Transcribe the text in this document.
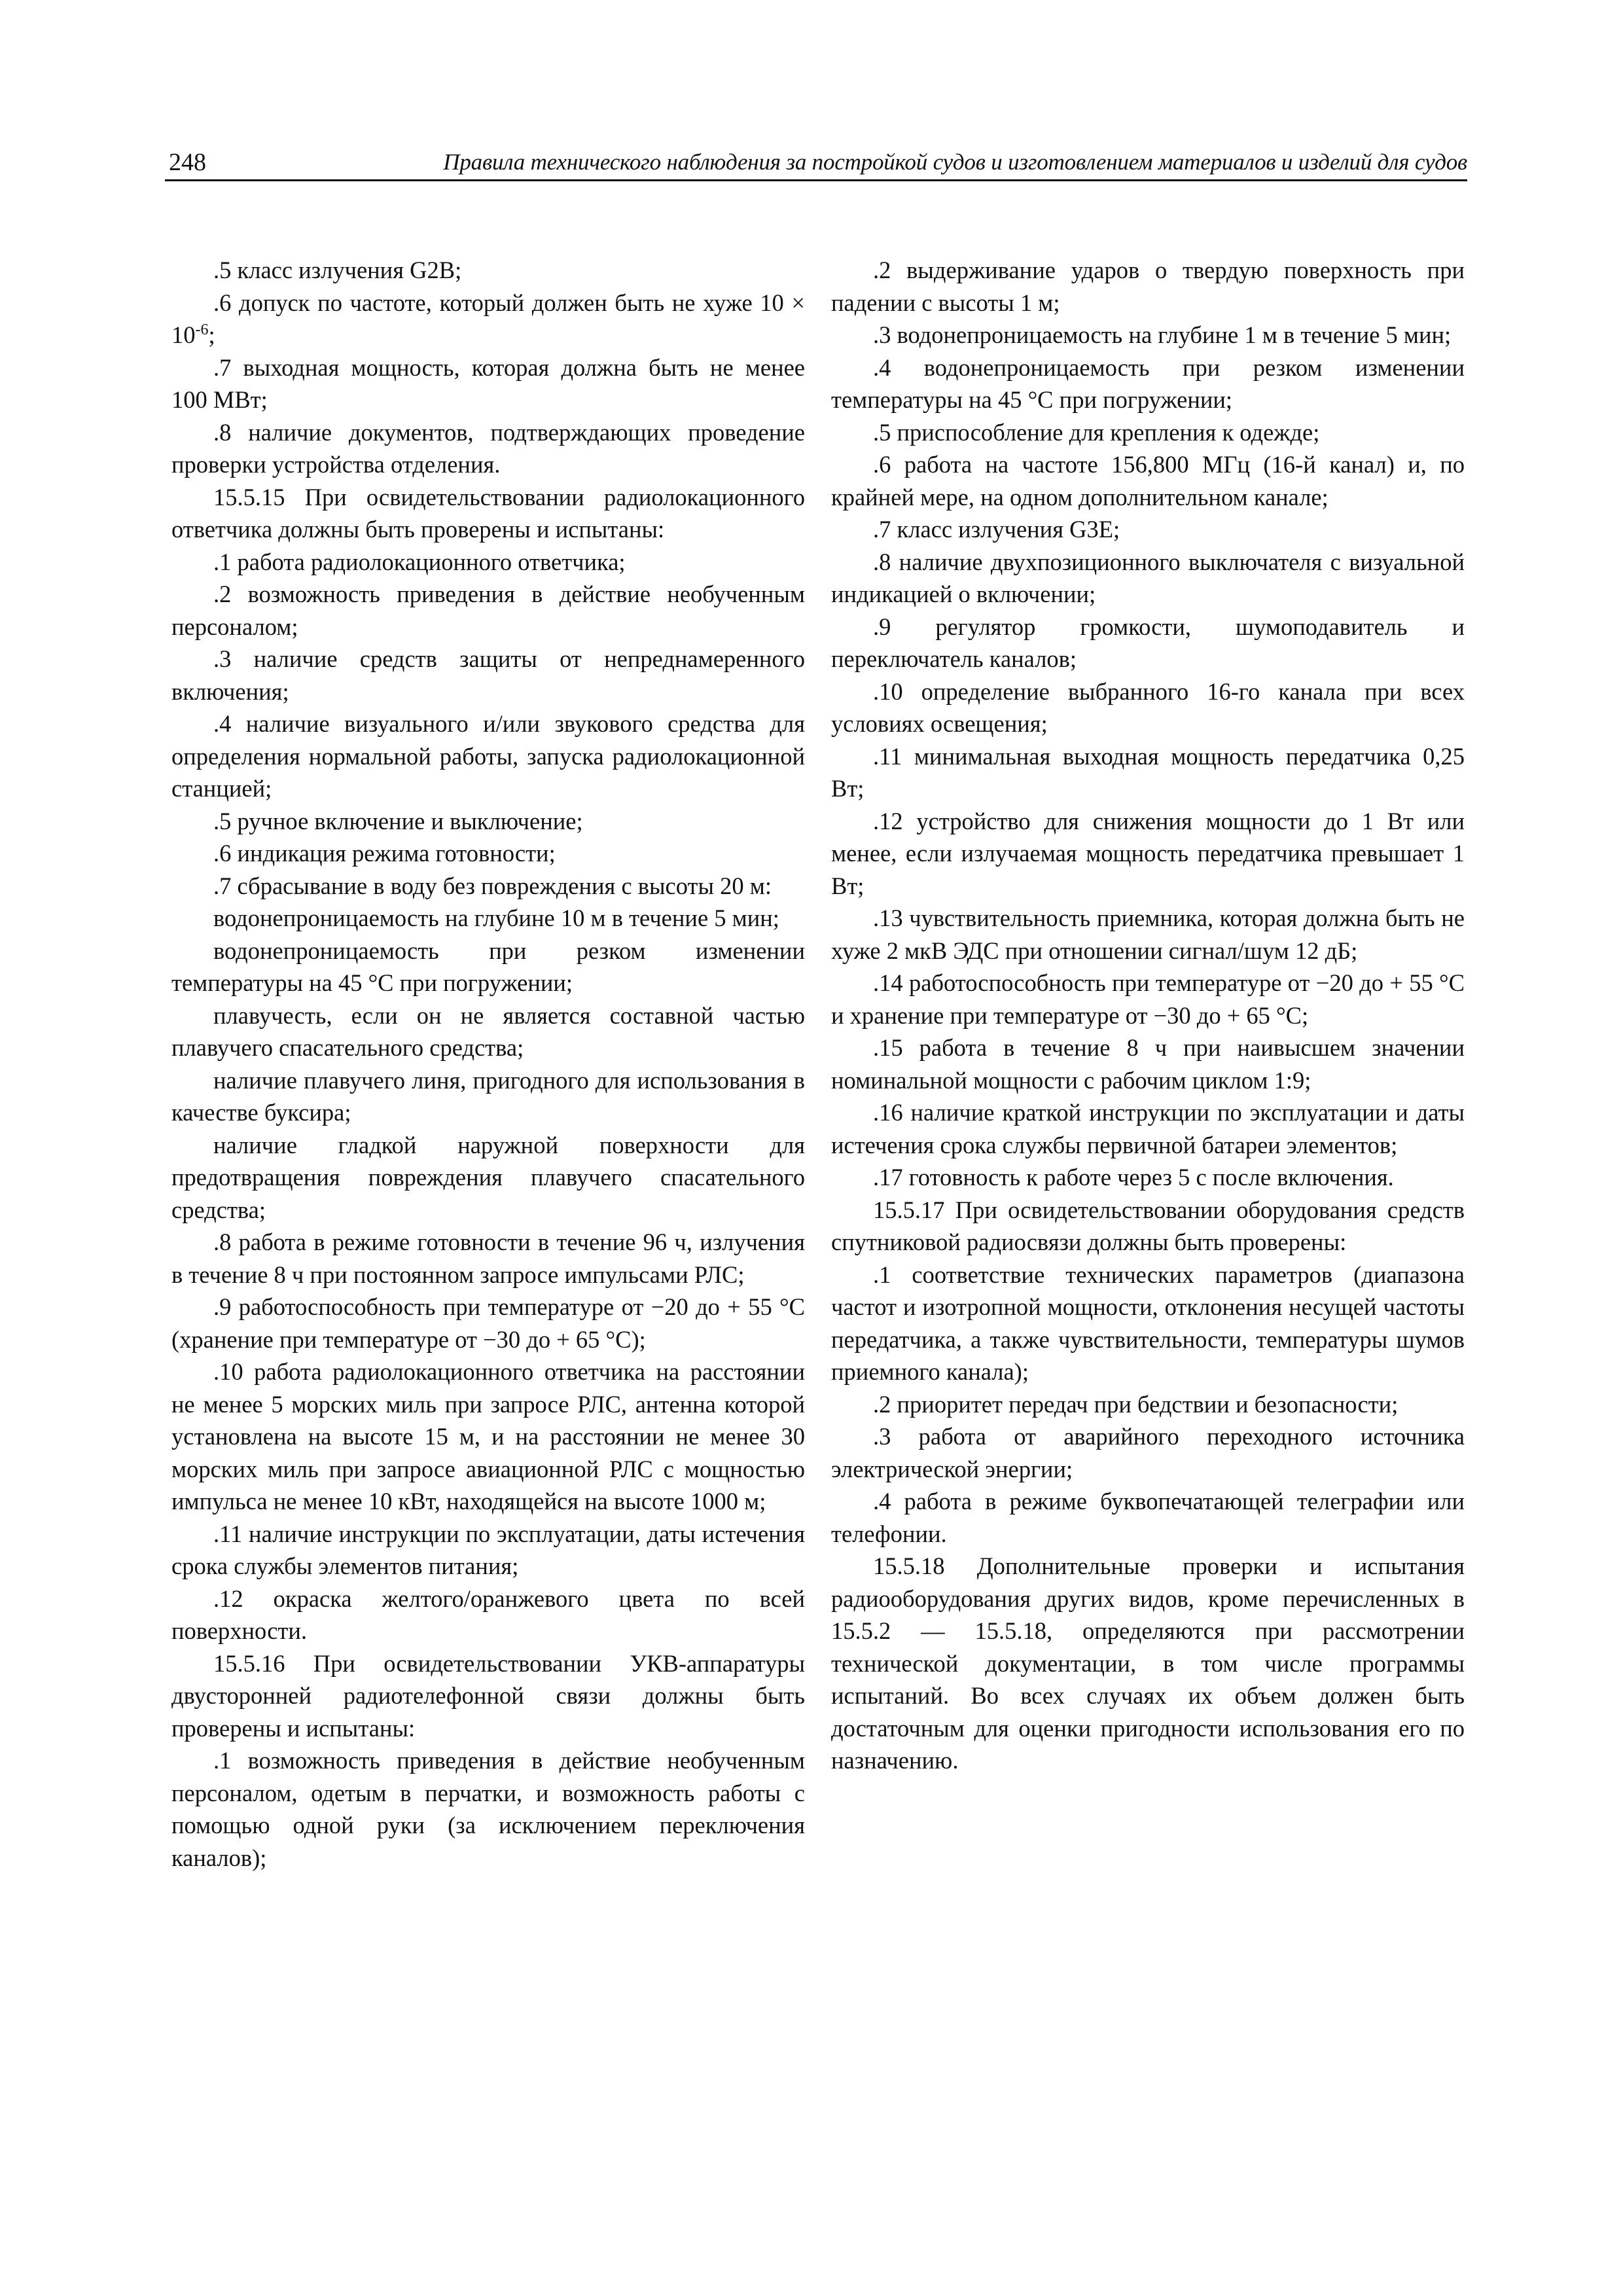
248	Правила технического наблюдения за постройкой судов и изготовлением материалов и изделий для судов

.5 класс излучения G2B;

.6 допуск по частоте, который должен быть не хуже $10 \times 10^{-6}$;

.7 выходная мощность, которая должна быть не менее 100 МВт;

.8 наличие документов, подтверждающих проведение проверки устройства отделения.

15.5.15 При освидетельствовании радиолокационного ответчика должны быть проверены и испытаны:

.1 работа радиолокационного ответчика;

.2 возможность приведения в действие необученным персоналом;

.3 наличие средств защиты от непреднамеренного включения;

.4 наличие визуального и/или звукового средства для определения нормальной работы, запуска радиолокационной станцией;

.5 ручное включение и выключение;

.6 индикация режима готовности;

.7 сбрасывание в воду без повреждения с высоты 20 м:

водонепроницаемость на глубине 10 м в течение 5 мин;

водонепроницаемость при резком изменении температуры на 45 °С при погружении;

плавучесть, если он не является составной частью плавучего спасательного средства;

наличие плавучего линя, пригодного для использования в качестве буксира;

наличие гладкой наружной поверхности для предотвращения повреждения плавучего спасательного средства;

.8 работа в режиме готовности в течение 96 ч, излучения в течение 8 ч при постоянном запросе импульсами РЛС;

.9 работоспособность при температуре от −20 до + 55 °С (хранение при температуре от −30 до + 65 °С);

.10 работа радиолокационного ответчика на расстоянии не менее 5 морских миль при запросе РЛС, антенна которой установлена на высоте 15 м, и на расстоянии не менее 30 морских миль при запросе авиационной РЛС с мощностью импульса не менее 10 кВт, находящейся на высоте 1000 м;

.11 наличие инструкции по эксплуатации, даты истечения срока службы элементов питания;

.12 окраска желтого/оранжевого цвета по всей поверхности.

15.5.16 При освидетельствовании УКВ-аппаратуры двусторонней радиотелефонной связи должны быть проверены и испытаны:

.1 возможность приведения в действие необученным персоналом, одетым в перчатки, и возможность работы с помощью одной руки (за исключением переключения каналов);

.2 выдерживание ударов о твердую поверхность при падении с высоты 1 м;

.3 водонепроницаемость на глубине 1 м в течение 5 мин;

.4 водонепроницаемость при резком изменении температуры на 45 °С при погружении;

.5 приспособление для крепления к одежде;

.6 работа на частоте 156,800 МГц (16-й канал) и, по крайней мере, на одном дополнительном канале;

.7 класс излучения G3E;

.8 наличие двухпозиционного выключателя с визуальной индикацией о включении;

.9 регулятор громкости, шумоподавитель и переключатель каналов;

.10 определение выбранного 16-го канала при всех условиях освещения;

.11 минимальная выходная мощность передатчика 0,25 Вт;

.12 устройство для снижения мощности до 1 Вт или менее, если излучаемая мощность передатчика превышает 1 Вт;

.13 чувствительность приемника, которая должна быть не хуже 2 мкВ ЭДС при отношении сигнал/шум 12 дБ;

.14 работоспособность при температуре от −20 до + 55 °С и хранение при температуре от −30 до + 65 °С;

.15 работа в течение 8 ч при наивысшем значении номинальной мощности с рабочим циклом 1:9;

.16 наличие краткой инструкции по эксплуатации и даты истечения срока службы первичной батареи элементов;

.17 готовность к работе через 5 с после включения.

15.5.17 При освидетельствовании оборудования средств спутниковой радиосвязи должны быть проверены:

.1 соответствие технических параметров (диапазона частот и изотропной мощности, отклонения несущей частоты передатчика, а также чувствительности, температуры шумов приемного канала);

.2 приоритет передач при бедствии и безопасности;

.3 работа от аварийного переходного источника электрической энергии;

.4 работа в режиме буквопечатающей телеграфии или телефонии.

15.5.18 Дополнительные проверки и испытания радиооборудования других видов, кроме перечисленных в 15.5.2 — 15.5.18, определяются при рассмотрении технической документации, в том числе программы испытаний. Во всех случаях их объем должен быть достаточным для оценки пригодности использования его по назначению.
